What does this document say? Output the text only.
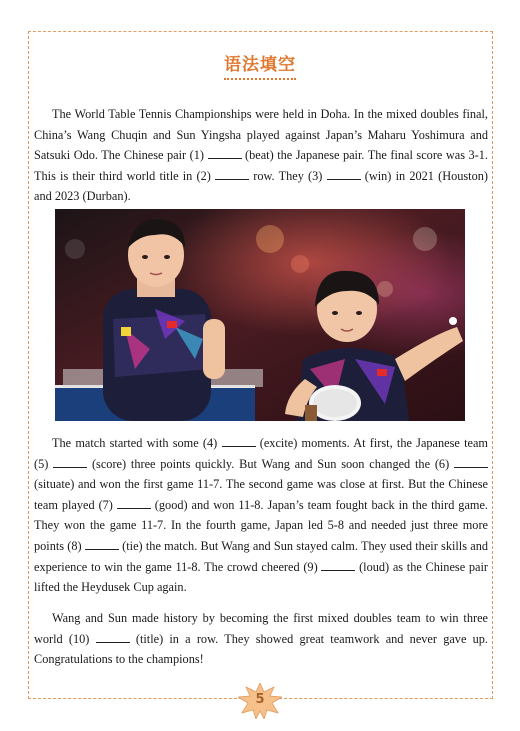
语法填空

The World Table Tennis Championships were held in Doha. In the mixed doubles final, China’s Wang Chuqin and Sun Yingsha played against Japan’s Maharu Yoshimura and Satsuki Odo. The Chinese pair (1)	(beat) the Japanese pair. The final score was 3-1. This is their third world title in (2)	row. They (3)	(win) in 2021 (Houston) and 2023 (Durban).

The match started with some (4)	(excite) moments. At first, the Japanese team (5)	(score) three points quickly. But Wang and Sun soon changed the (6)  (situate) and won the first game 11-7. The second game was close at first. But the Chinese team played (7)	(good) and won 11-8. Japan’s team fought back in the third game. They won the game 11-7. In the fourth game, Japan led 5-8 and needed just three more points (8)	(tie) the match. But Wang and Sun stayed calm. They used their skills and experience to win the game 11-8. The crowd cheered (9)	(loud) as the Chinese pair lifted the Heydusek Cup again.

Wang and Sun made history by becoming the first mixed doubles team to win three world (10)	(title) in a row. They showed great teamwork and never gave up. Congratulations to the champions!

5
